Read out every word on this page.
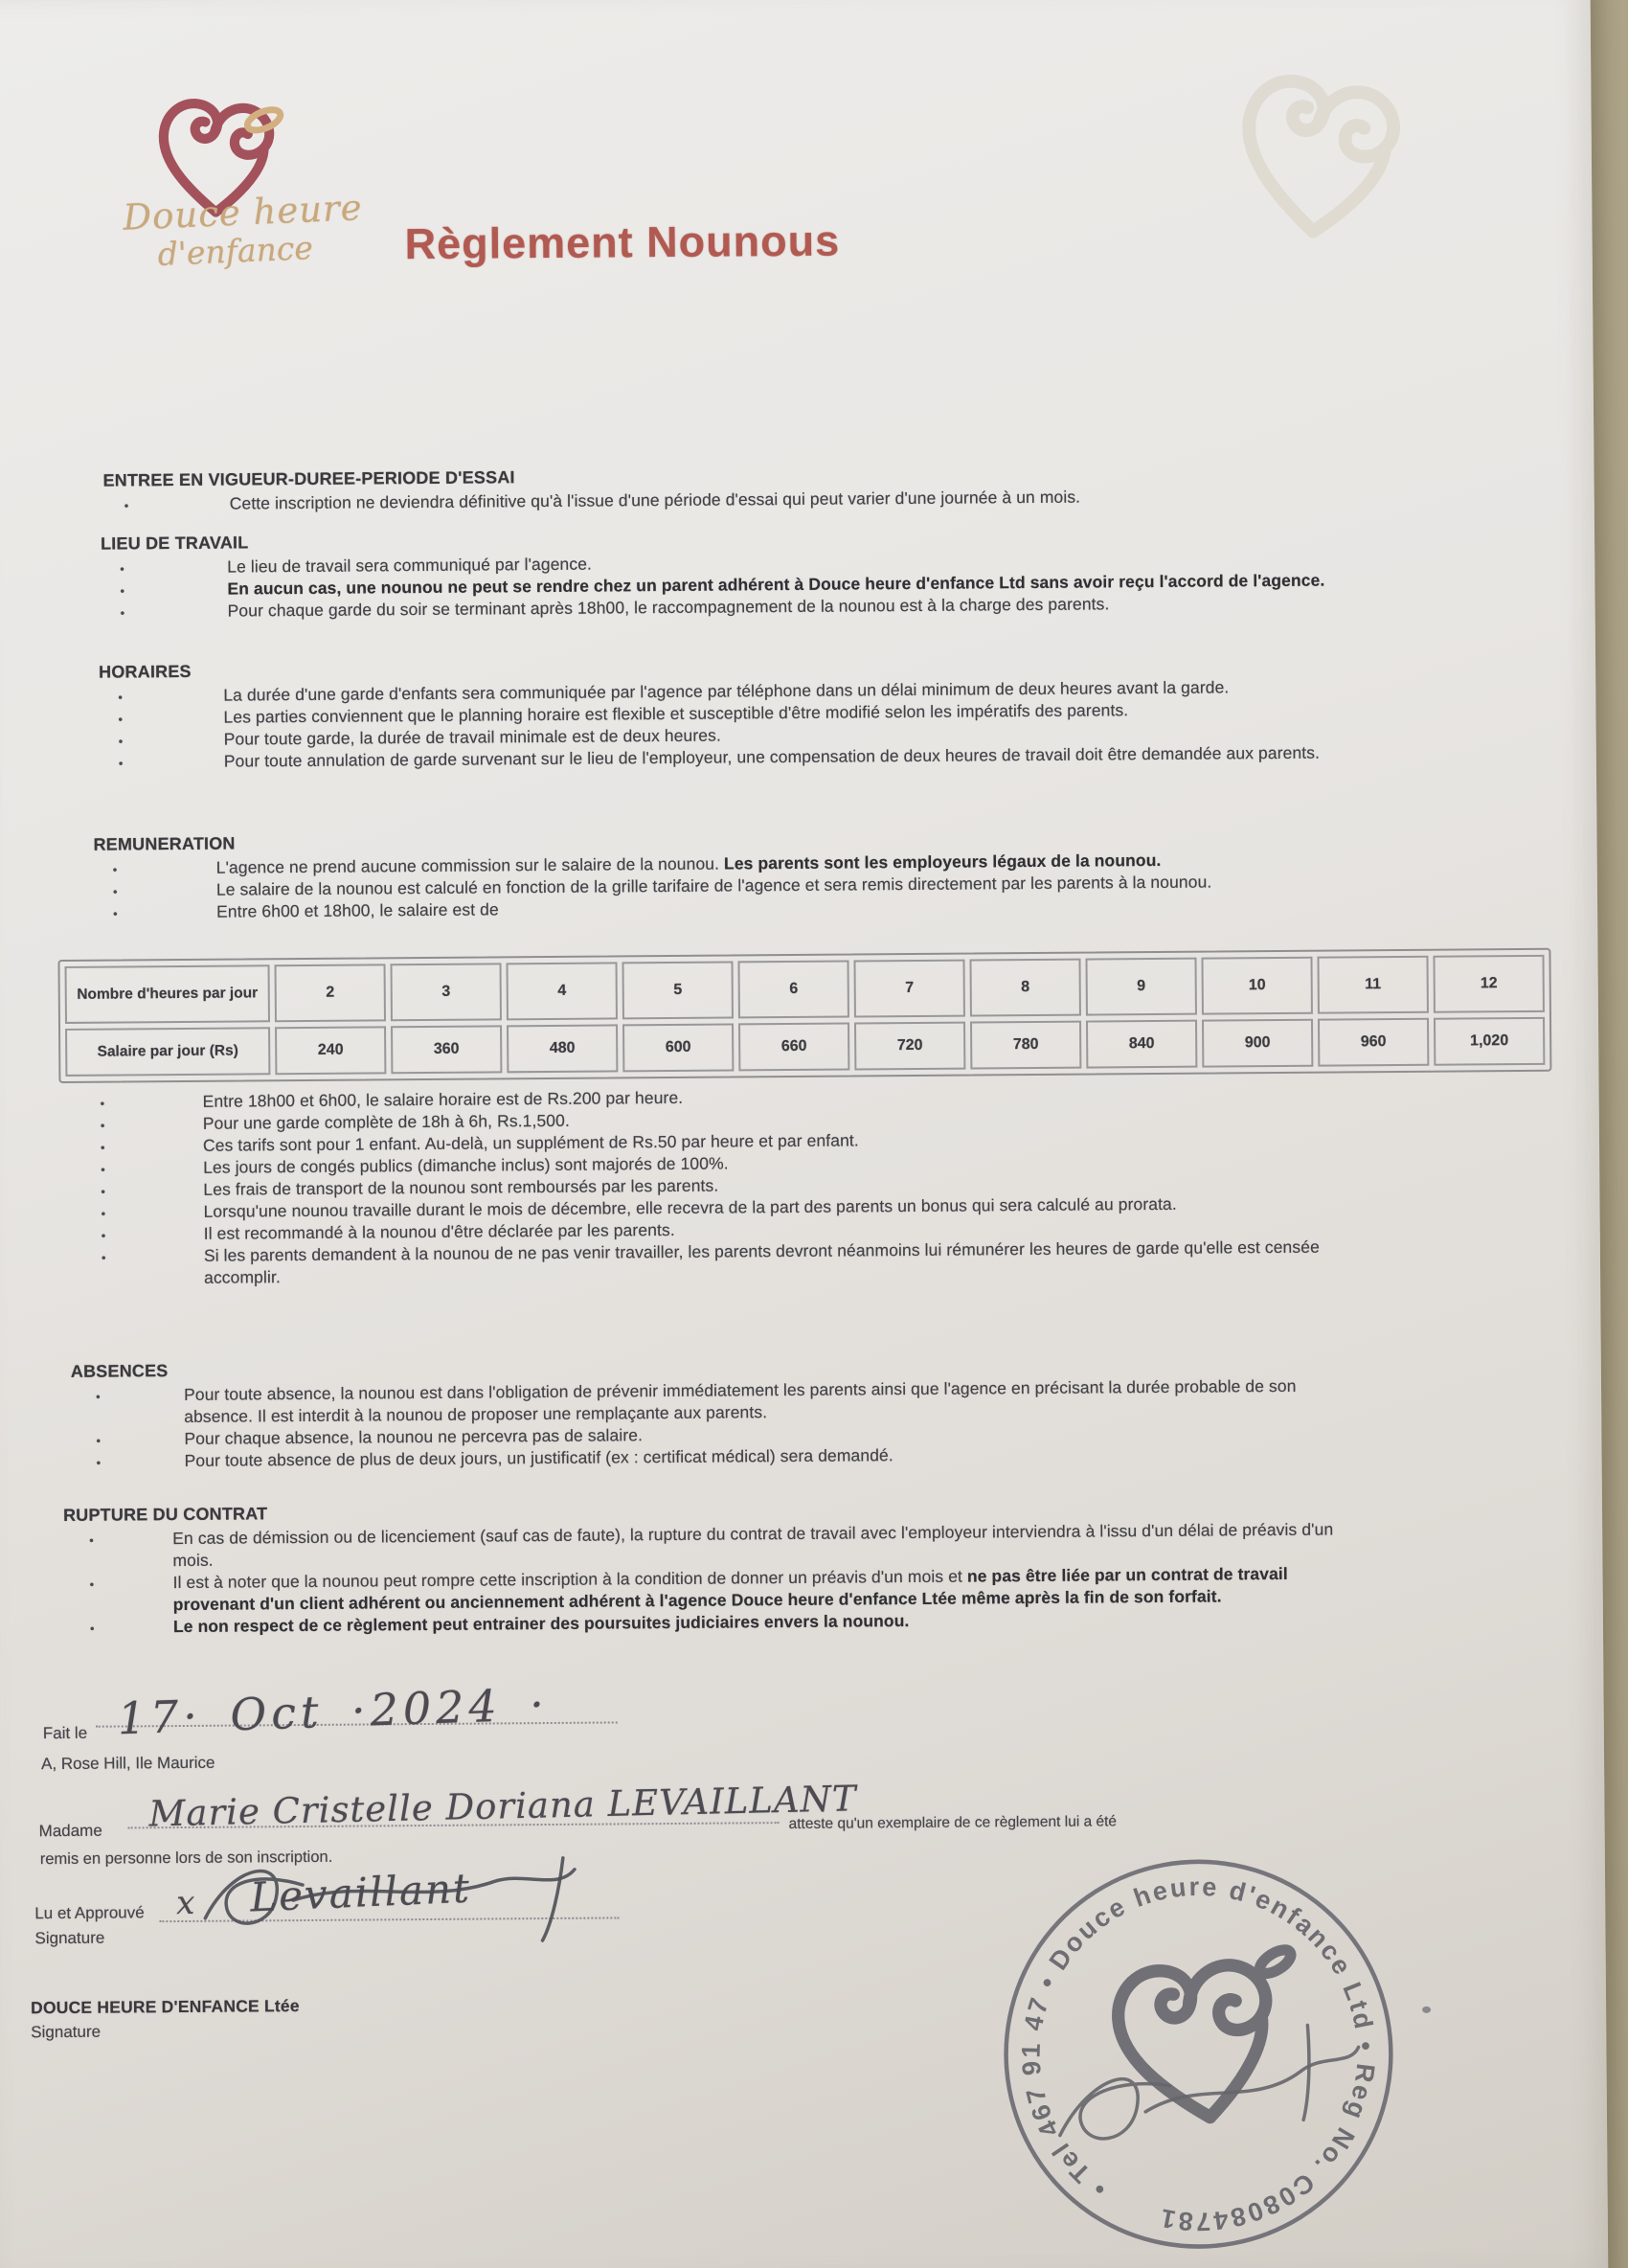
Douce heure
d'enfance Règlement Nounous
ENTREE EN VIGUEUR-DUREE-PERIODE D'ESSAI
•	Cette inscription ne deviendra définitive qu'à l'issue d'une période d'essai qui peut varier d'une journée à un mois.
LIEU DE TRAVAIL
•	Le lieu de travail sera communiqué par l'agence.
•	En aucun cas, une nounou ne peut se rendre chez un parent adhérent à Douce heure d'enfance Ltd sans avoir reçu l'accord de l'agence.
•	Pour chaque garde du soir se terminant après 18h00, le raccompagnement de la nounou est à la charge des parents.
HORAIRES
•	La durée d'une garde d'enfants sera communiquée par l'agence par téléphone dans un délai minimum de deux heures avant la garde.
•	Les parties conviennent que le planning horaire est flexible et susceptible d'être modifié selon les impératifs des parents.
•	Pour toute garde, la durée de travail minimale est de deux heures.
•	Pour toute annulation de garde survenant sur le lieu de l'employeur, une compensation de deux heures de travail doit être demandée aux parents.
REMUNERATION
•	L'agence ne prend aucune commission sur le salaire de la nounou. Les parents sont les employeurs légaux de la nounou.
•	Le salaire de la nounou est calculé en fonction de la grille tarifaire de l'agence et sera remis directement par les parents à la nounou.
•	Entre 6h00 et 18h00, le salaire est de
•	Entre 18h00 et 6h00, le salaire horaire est de Rs.200 par heure.
•	Pour une garde complète de 18h à 6h, Rs.1,500.
•	Ces tarifs sont pour 1 enfant. Au-delà, un supplément de Rs.50 par heure et par enfant.
•	Les jours de congés publics (dimanche inclus) sont majorés de 100%.
•	Les frais de transport de la nounou sont remboursés par les parents.
•	Lorsqu'une nounou travaille durant le mois de décembre, elle recevra de la part des parents un bonus qui sera calculé au prorata.
•	Il est recommandé à la nounou d'être déclarée par les parents.
•	Si les parents demandent à la nounou de ne pas venir travailler, les parents devront néanmoins lui rémunérer les heures de garde qu'elle est censée accomplir.
ABSENCES
•	Pour toute absence, la nounou est dans l'obligation de prévenir immédiatement les parents ainsi que l'agence en précisant la durée probable de son absence. Il est interdit à la nounou de proposer une remplaçante aux parents.
•	Pour chaque absence, la nounou ne percevra pas de salaire.
•	Pour toute absence de plus de deux jours, un justificatif (ex : certificat médical) sera demandé.
RUPTURE DU CONTRAT
•	En cas de démission ou de licenciement (sauf cas de faute), la rupture du contrat de travail avec l'employeur interviendra à l'issu d'un délai de préavis d'un mois.
•	Il est à noter que la nounou peut rompre cette inscription à la condition de donner un préavis d'un mois et ne pas être liée par un contrat de travail provenant d'un client adhérent ou anciennement adhérent à l'agence Douce heure d'enfance Ltée même après la fin de son forfait.
•	Le non respect de ce règlement peut entrainer des poursuites judiciaires envers la nounou.
Nombre d'heures par jour	2	3	4	5	6	7	8	9	10	11	12
Salaire par jour (Rs)	240	360	480	600	660	720	780	840	900	960	1,020
Fait le 17· Oct ·2024 ·
A, Rose Hill, Ile Maurice
Madame Marie Cristelle Doriana LEVAILLANT
atteste qu'un exemplaire de ce règlement lui a été
remis en personne lors de son inscription.
Lu et Approuvé x Levaillant
Signature
DOUCE HEURE D'ENFANCE Ltée
Signature
• Tel 467 91 47 • Douce heure d'enfance Ltd • Reg No. C08084781
